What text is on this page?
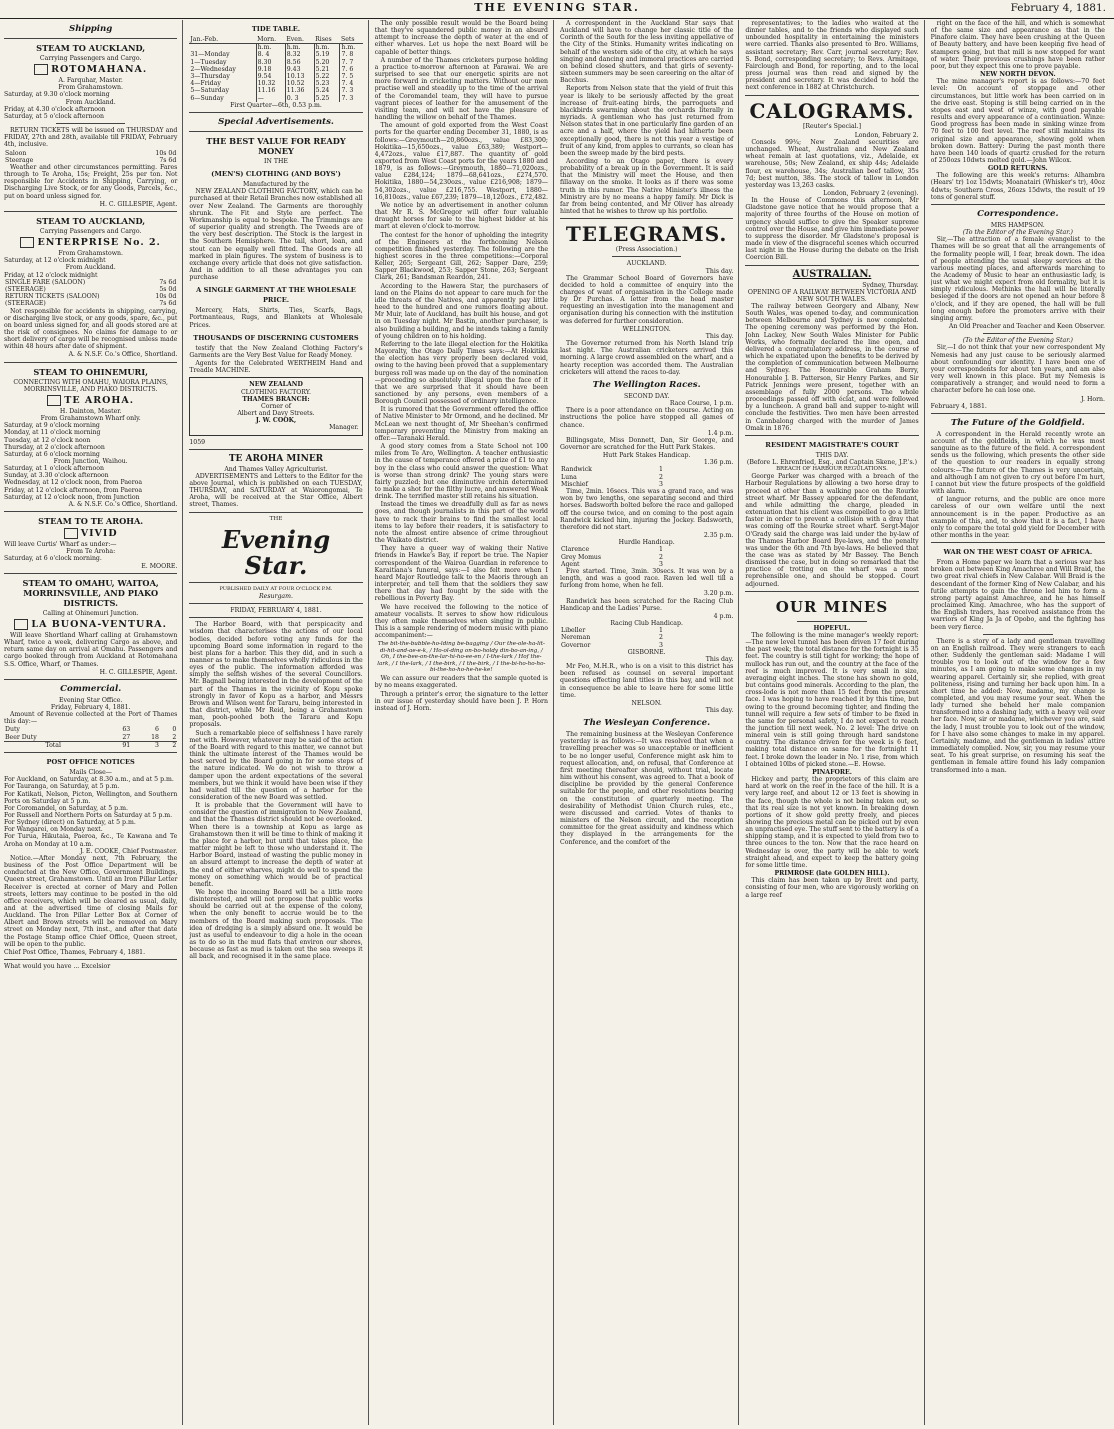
THE EVENING STAR.	February 4, 1881.
Shipping
STEAM TO AUCKLAND,
Carrying Passengers and Cargo.
ROTOMAHANA.
A. Farquhar, Master.
From Grahamstown.
Saturday, at 9.30 o'clock morning
From Auckland.
Friday, at 4.30 o'clock afternoon
Saturday, at 5 o'clock afternoon

RETURN TICKETS will be issued on THURSDAY and FRIDAY, 27th and 28th, available till FRIDAY, February 4th, inclusive.

Saloon	10s 0d
Steerage	7s 6d

Weather and other circumstances permitting. Fares through to Te Aroha, 15s; Freight, 25s per ton. Not responsible for Accidents in Shipping, Carrying, or Discharging Live Stock, or for any Goods, Parcels, &c., put on board unless signed for.

H. C. GILLESPIE, Agent.
STEAM TO AUCKLAND,
Carrying Passengers and Cargo.
ENTERPRISE No. 2.
From Grahamstown.
Saturday, at 12 o'clock midnight
From Auckland.
Friday, at 12 o'clock midnight
SINGLE FARE (SALOON)	7s 6d
(STEERAGE)	5s 0d
RETURN TICKETS (SALOON)	10s 0d
(STEERAGE)	7s 6d

Not responsible for accidents in shipping, carrying, or discharging live stock, or any goods, spare, &c., put on board unless signed for, and all goods stored are at the risk of consignees. No claims for damage to or short delivery of cargo will be recognised unless made within 48 hours after date of shipment.

A. & N.S.F. Co.'s Office, Shortland.
STEAM TO OHINEMURI,
CONNECTING WITH OMAHU, WAIORA PLAINS, MORRINSVILLE, AND PIAKO DISTRICTS.
TE AROHA.
H. Dainton, Master.
From Grahamstown Wharf only.
Saturday, at 9 o'clock morning
Monday, at 11 o'clock morning
Tuesday, at 12 o'clock noon
Thursday, at 2 o'clock afternoon
Saturday, at 6 o'clock morning
From Junction, Waihou.
Saturday, at 1 o'clock afternoon
Sunday, at 3.30 o'clock afternoon
Wednesday, at 12 o'clock noon, from Paeroa
Friday, at 12 o'clock afternoon, from Paeroa
Saturday, at 12 o'clock noon, from Junction
A. & N.S.F. Co.'s Office, Shortland.
STEAM TO TE AROHA.
VIVID
Will leave Curtis' Wharf as under:—
From Te Aroha:
Saturday, at 6 o'clock morning.
E. MOORE.
STEAM TO OMAHU, WAITOA, MORRINSVILLE, AND PIAKO DISTRICTS.
Calling at Ohinemuri Junction.
LA BUONA-VENTURA.

Will leave Shortland Wharf calling at Grahamstown Wharf, twice a week, delivering Cargo as above, and return same day on arrival at Omahu. Passengers and cargo booked through from Auckland at Rotomahana S.S. Office, Wharf, or Thames.

H. C. GILLESPIE, Agent.
Commercial.
Evening Star Office.
Friday, February 4, 1881.

Amount of Revenue collected at the Port of Thames this day:—

Duty	63	6	0
Beer Duty	27	18	2
Total	91	3	2
POST OFFICE NOTICES
Mails Close—
For Auckland, on Saturday, at 8.30 a.m., and at 5 p.m.
For Tauranga, on Saturday, at 5 p.m.
For Katikati, Nelson, Picton, Wellington, and Southern Ports on Saturday at 5 p.m.
For Coromandel, on Saturday, at 5 p.m.
For Russell and Northern Ports on Saturday at 5 p.m.
For Sydney (direct) on Saturday, at 5 p.m.
For Wangarei, on Monday next.
For Turua, Hikutaia, Paeroa, &c., Te Kawana and Te Aroha on Monday at 10 a.m.
J. E. COOKE, Chief Postmaster.

Notice.—After Monday next, 7th February, the business of the Post Office Department will be conducted at the New Office, Government Buildings, Queen street, Grahamstown. Until an Iron Pillar Letter Receiver is erected at corner of Mary and Pollen streets, letters may continue to be posted in the old office receivers, which will be cleared as usual, daily, and at the advertised time of closing Mails for Auckland. The Iron Pillar Letter Box at Corner of Albert and Brown streets will be removed on Mary street on Monday next, 7th inst., and after that date the Postage Stamp office Chief Office, Queen street, will be open to the public.

Chief Post Office, Thames, February 4, 1881.
What would you have ... Excelsior
TIDE TABLE.
Jan.-Feb.	Morn.	Even.	Rises	Sets
	h.m.	h.m.	h.m.	h.m.
31—Monday	8. 4	8.32	5.19	7. 8
1—Tuesday	8.30	8.56	5.20	7. 7
2—Wednesday	9.18	9.43	5.21	7. 6
3—Thursday	9.54	10.13	5.22	7. 5
4—Friday	10.32	10.52	5.23	7. 4
5—Saturday	11.16	11.36	5.24	7. 3
6—Sunday	—	0. 3	5.25	7. 3
First Quarter—6th, 0.53 p.m.
Special Advertisements.
THE BEST VALUE FOR READY MONEY
IN THE
(MEN'S) CLOTHING (AND BOYS')
Manufactured by the

NEW ZEALAND CLOTHING FACTORY, which can be purchased at their Retail Branches now established all over New Zealand. The Garments are thoroughly shrunk. The Fit and Style are perfect. The Workmanship is equal to bespoke. The Trimmings are of superior quality and strength. The Tweeds are of the very best description. The Stock is the largest in the Southern Hemisphere. The tail, short, loan, and stout can be equally well fitted. The Goods are all marked in plain figures. The system of business is to exchange every article that does not give satisfaction. And in addition to all these advantages you can purchase

A SINGLE GARMENT AT THE WHOLESALE PRICE.

Mercery, Hats, Shirts, Ties, Scarfs, Bags, Portmanteaus, Rugs, and Blankets at Wholesale Prices.

THOUSANDS OF DISCERNING CUSTOMERS

testify that the New Zealand Clothing Factory's Garments are the Very Best Value for Ready Money.

Agents for the Celebrated WERTHEIM Hand and Treadle MACHINE.

NEW ZEALAND
CLOTHING FACTORY.
THAMES BRANCH:
Corner of
Albert and Davy Streets.
J. W. COOK,
Manager.
1059
TE AROHA MINER
And Thames Valley Agriculturist.

ADVERTISEMENTS and Letters to the Editor for the above Journal, which is published on each TUESDAY, THURSDAY, and SATURDAY at Waiorongomai, Te Aroha, will be received at the Star Office, Albert street, Thames.

THE
Evening Star.
PUBLISHED DAILY AT FOUR O'CLOCK P.M.
Resurgam.
FRIDAY, FEBRUARY 4, 1881.

The Harbor Board, with that perspicacity and wisdom that characterises the actions of our local bodies, decided before voting any funds for the upcoming Board some information in regard to the best plans for a harbor. This they did, and in such a manner as to make themselves wholly ridiculous in the eyes of the public. The information afforded was simply the selfish wishes of the several Councillors. Mr. Bagnall being interested in the development of the part of the Thames in the vicinity of Kopu spoke strongly in favor of Kopu as a harbor, and Messrs Brown and Wilson went for Tararu, being interested in that district, while Mr Reid, being a Grahamstown man, pooh-poohed both the Tararu and Kopu proposals.

Such a remarkable piece of selfishness I have rarely met with. However, whatever may be said of the action of the Board with regard to this matter, we cannot but think the ultimate interest of the Thames would be best served by the Board going in for some steps of the nature indicated. We do not wish to throw a damper upon the ardent expectations of the several members, but we think it would have been wise if they had waited till the question of a harbor for the consideration of the new Board was settled.

It is probable that the Government will have to consider the question of immigration to New Zealand, and that the Thames district should not be overlooked. When there is a township at Kopu as large as Grahamstown then it will be time to think of making it the place for a harbor, but until that takes place, the matter might be left to those who understand it. The Harbor Board, instead of wasting the public money in an absurd attempt to increase the depth of water at the end of either wharves, might do well to spend the money on something which would be of practical benefit.

We hope the incoming Board will be a little more disinterested, and will not propose that public works should be carried out at the expense of the colony, when the only benefit to accrue would be to the members of the Board making such proposals. The idea of dredging is a simply absurd one. It would be just as useful to endeavour to dig a hole in the ocean as to do so in the mud flats that environ our shores, because as fast as mud is taken out the sea sweeps it all back, and recognised it in the same place.

The only possible result would be the Board being that they've squandered public money in an absurd attempt to increase the depth of water at the end of either wharves. Let us hope the next Board will be capable of better things.

A number of the Thames cricketers purpose holding a practice to-morrow afternoon at Parawai. We are surprised to see that our energetic spirits are not more forward in cricketing matters. Without our men practise well and steadily up to the time of the arrival of the Coromandel team, they will have to pursue vagrant pieces of leather for the amusement of the visiting team, and will not have the pleasure of handling the willow on behalf of the Thames.

The amount of gold exported from the West Coast ports for the quarter ending December 31, 1880, is as follows:—Greymouth—20,860ozs., value £83,300; Hokitika—15,650ozs., value £63,389; Westport—4,472ozs., value £17,887. The quantity of gold exported from West Coast ports for the years 1880 and 1879, is as follows:—Greymouth, 1880—71,020ozs., value £284,124; 1879—68,641ozs., £274,570. Hokitika, 1880—54,230ozs., value £216,908; 1879—54,302ozs., value £216,755. Westport, 1880—16,810ozs., value £67,239; 1879—18,120ozs., £72,482.

We notice by an advertisement in another column that Mr R. S. McGregor will offer four valuable draught horses for sale to the highest bidder at his mart at eleven o'clock to-morrow.

The contest for the honor of upholding the integrity of the Engineers at the forthcoming Nelson competition finished yesterday. The following are the highest scores in the three competitions:—Corporal Keller, 265; Sergeant Gill, 262; Sapper Dare, 259; Sapper Blackwood, 253; Sapper Stone, 263; Sergeant Clark, 261; Bandsman Reardon, 241.

According to the Hawera Star, the purchasers of land on the Plains do not appear to care much for the idle threats of the Natives, and apparently pay little heed to the hundred and one rumors floating about. Mr Muir, late of Auckland, has built his house, and got in on Tuesday night. Mr Bastin, another purchaser, is also building a building, and he intends taking a family of young children on to his holding.

Referring to the late illegal election for the Hokitika Mayoralty, the Otago Daily Times says:—At Hokitika the election has very properly been declared void, owing to the having been proved that a supplementary burgess roll was made up on the day of the nomination—proceeding so absolutely illegal upon the face of it that we are surprised that it should have been sanctioned by any persons, even members of a Borough Council possessed of ordinary intelligence.

It is rumored that the Government offered the office of Native Minister to Mr Ormond, and he declined. Mr McLean we next thought of, Mr Sheehan's confirmed temporary preventing the Ministry from making an offer.—Taranaki Herald.

A good story comes from a State School not 100 miles from Te Aro, Wellington. A teacher enthusiastic in the cause of temperance offered a prize of £1 to any boy in the class who could answer the question: What is worse than strong drink? The young stars were fairly puzzled; but one diminutive urchin determined to make a shot for the filthy lucre, and answered Weak drink. The terrified master still retains his situation.

Instead the times we dreadfully dull as far as news goes, and though journalists in this part of the world have to rack their brains to find the smallest local items to lay before their readers, it is satisfactory to note the almost entire absence of crime throughout the Waikato district.

They have a queer way of waking their Native friends in Hawke's Bay, if report be true. The Napier correspondent of the Wairoa Guardian in reference to Karaitiana's funeral, says:—I also felt more when I heard Major Routledge talk to the Maoris through an interpreter, and tell them that the soldiers they saw there that day had fought by the side with the rebellious in Poverty Bay.

We have received the following to the notice of amateur vocalists. It serves to show how ridiculous they often make themselves when singing in public. This is a sample rendering of modern music with piano accompaniment:—

The bit-the-bubble-ho-lding be-bagging / Our the-ole-ha-lit-di-hit-and-ae-e-k, / Ho-ol-ding on-bo-holdy din-bo-an-ing, / Oh, I the-bee-on-the-lar-hi-ho-ee-en / I-the-lark / Hof the-lark, / I the-lark, / I the-birk, / I the-birk, / I the-bi-ho-ho-ho-bi-the-ho-ho-he-he-ke!

We can assure our readers that the sample quoted is by no means exaggerated.

Through a printer's error, the signature to the letter in our issue of yesterday should have been J. P. Horn instead of J. Horn.

A correspondent in the Auckland Star says that Auckland will have to change her classic title of the Corinth of the South for the less inviting appellative of the City of the Stinks. Humanity writes indicating on behalf of the western side of the city, at which he says singing and dancing and immoral practices are carried on behind closed shutters, and that girls of seventy-sixteen summers may be seen careering on the altar of Bacchus.

Reports from Nelson state that the yield of fruit this year is likely to be seriously affected by the great increase of fruit-eating birds, the parroquets and blackbirds swarming about the orchards literally in myriads. A gentleman who has just returned from Nelson states that in one particularly fine garden of an acre and a half, where the yield had hitherto been exceptionally good, there is not this year a vestige of fruit of any kind, from apples to currants, so clean has been the sweep made by the bird pests.

According to an Otago paper, there is every probability of a break up in the Government. It is said that the Ministry will meet the House, and then fillaway on the smoke. It looks as if there was some truth in this rumor. The Native Minister's illness the Ministry are by no means a happy family. Mr Dick is far from being contented, and Mr Oliver has already hinted that he wishes to throw up his portfolio.

TELEGRAMS.
(Press Association.)
AUCKLAND.
This day.

The Grammar School Board of Governors have decided to hold a committee of enquiry into the charges of want of organisation in the College made by Dr Purchas. A letter from the head master requesting an investigation into the management and organisation during his connection with the institution was deferred for further consideration.

WELLINGTON.
This day.

The Governor returned from his North Island trip last night. The Australian cricketers arrived this morning. A large crowd assembled on the wharf, and a hearty reception was accorded them. The Australian cricketers will attend the races to-day.

The Wellington Races.
SECOND DAY.
Race Course, 1 p.m.

There is a poor attendance on the course. Acting on instructions the police have stopped all games of chance.

1.4 p.m.

Billingsgate, Miss Donnett, Dan, Sir George, and Governor are scratched for the Hutt Park Stakes.

Hutt Park Stakes Handicap.
1.36 p.m.
Randwick	1
Luna	2
Mischief	3

Time, 2min. 16secs. This was a grand race, and was won by two lengths, one separating second and third horses. Badsworth bolted before the race and galloped off the course twice, and on coming to the post again Randwick kicked him, injuring the Jockey. Badsworth, therefore did not start.

2.35 p.m.
Hurdle Handicap.
Clarence	1
Grey Momus	2
Agent	3

Five started. Time, 3min. 30secs. It was won by a length, and was a good race. Raven led well till a furlong from home, when he fell.

3.20 p.m.

Randwick has been scratched for the Racing Club Handicap and the Ladies' Purse.

4 p.m.
Racing Club Handicap.
Libeller	1
Nereman	2
Governor	3
GISBORNE.
This day.

Mr Feo, M.H.R., who is on a visit to this district has been refused as counsel on several important questions effecting land titles in this bay, and will not in consequence be able to leave here for some little time.

NELSON.
This day.
The Wesleyan Conference.

The remaining business at the Wesleyan Conference yesterday is as follows:—It was resolved that when a travelling preacher was so unacceptable or inefficient to be no longer useful, Conference might ask him to request allocation, and, on refusal, that Conference at first meeting thereafter should, without trial, locate him without his consent, was agreed to. That a book of discipline be provided by the general Conference suitable for the people, and other resolutions bearing on the constitution of quarterly meeting. The desirability of Methodist Union Church rules, etc., were discussed and carried. Votes of thanks to ministers of the Nelson circuit, and the reception committee for the great assiduity and kindness which they displayed in the arrangements for the Conference, and the comfort of the

representatives; to the ladies who waited at the dinner tables, and to the friends who displayed such unbounded hospitality in entertaining the ministers were carried. Thanks also presented to Bro. Williams, assistant secretary; Rev. Carr, journal secretary; Rev. S. Bond, corresponding secretary; to Revs. Armitage, Fairclough and Bond, for reporting, and to the local press journal was then read and signed by the president and secretary. It was decided to hold the next conference in 1882 at Christchurch.

CALOGRAMS.
[Reuter's Special.]
London, February 2.

Consols 99¾; New Zealand securities are unchanged. Wheat, Australian and New Zealand wheat remain at last quotations, viz., Adelaide, ex warehouse, 50s; New Zealand, ex ship 44s; Adelaide flour, ex warehouse, 34s; Australian beef tallow, 35s 7d; best mutton, 38s. The stock of tallow in London yesterday was 13,263 casks.

London, February 2 (evening).

In the House of Commons this afternoon, Mr Gladstone gave notice that he would propose that a majority of three fourths of the House on motion of urgency should suffice to give the Speaker supreme control over the House, and give him immediate power to suppress the disorder. Mr Gladstone's proposal is made in view of the disgraceful scenes which occurred last night in the House during the debate on the Irish Coercion Bill.

AUSTRALIAN.
Sydney, Thursday.
OPENING OF A RAILWAY BETWEEN VICTORIA AND NEW SOUTH WALES.

The railway between Georgery and Albany, New South Wales, was opened to-day, and communication between Melbourne and Sydney is now completed. The opening ceremony was performed by the Hon. John Lackey, New South Wales Minister for Public Works, who formally declared the line open, and delivered a congratulatory address, in the course of which he expatiated upon the benefits to be derived by the completion of communication between Melbourne and Sydney. The Honourable Graham Berry, Honourable J. B. Patterson, Sir Henry Parkes, and Sir Patrick Jennings were present, together with an assemblage of fully 2000 persons. The whole proceedings passed off with éclat, and were followed by a luncheon. A grand ball and supper to-night will conclude the festivities. Two men have been arrested in Cannbalong charged with the murder of James Omak in 1876.

RESIDENT MAGISTRATE'S COURT
THIS DAY.
(Before L. Ehrenfried, Esq., and Captain Skene, J.P.'s.)
BREACH OF HARBOUR REGULATIONS.

George Parker was charged with a breach of the Harbour Regulations by allowing a two horse dray to proceed at other than a walking pace on the Rourke street wharf. Mr Bassey appeared for the defendant, and while admitting the charge, pleaded in extenuation that his client was compelled to go a little faster in order to prevent a collision with a dray that was coming off the Rourke street wharf. Sergt-Major O'Grady said the charge was laid under the by-law of the Thames Harbor Board Bye-laws, and the penalty was under the 6th and 7th bye-laws. He believed that the case was as stated by Mr Bassey. The Bench dismissed the case, but in doing so remarked that the practice of trotting on the wharf was a most reprehensible one, and should be stopped. Court adjourned.

OUR MINES
HOPEFUL.

The following is the mine manager's weekly report:—The new level tunnel has been driven 17 feet during the past week; the total distance for the fortnight is 35 feet. The country is still tight for working; the hope of mullock has run out, and the country at the face of the reef is much improved. It is very small in size, averaging eight inches. The stone has shown no gold, but contains good minerals. According to the plan, the cross-lode is not more than 15 feet from the present face. I was hoping to have reached it by this time, but owing to the ground becoming tighter, and finding the tunnel will require a few sets of timber to be fixed in the same for personal safety, I do not expect to reach the junction till next week. No. 2 level: The drive on mineral vein is still going through hard sandstone country. The distance driven for the week is 6 feet, making total distance on same for the fortnight 11 feet. I broke down the leader in No. 1 rise, from which I obtained 10lbs of picked stone.—E. Howse.

PINAFORE.

Hickey and party, the proprietors of this claim are hard at work on the reef in the face of the hill. It is a very large reef, and about 12 or 13 feet is showing in the face, though the whole is not being taken out, so that its real size is not yet known. In breaking down portions of it show gold pretty freely, and pieces showing the precious metal can be picked out by even an unpractised eye. The stuff sent to the battery is of a shipping stamp, and it is expected to yield from two to three ounces to the ton. Now that the race heard on Wednesday is over, the party will be able to work straight ahead, and expect to keep the battery going for some little time.

PRIMROSE (late GOLDEN HILL).

This claim has been taken up by Brett and party, consisting of four men, who are vigorously working on a large reef

right on the face of the hill, and which is somewhat of the same size and appearance as that in the Pinafore claim. They have been crushing at the Queen of Beauty battery, and have been keeping five head of stampers going, but that mill is now stopped for want of water. Their previous crushings have been rather poor, but they expect this one to prove payable.

NEW NORTH DEVON.

The mine manager's report is as follows:—70 feet level: On account of stoppage and other circumstances, but little work has been carried on in the drive east. Stoping is still being carried on in the stopes east and west of winze, with good payable results and every appearance of a continuation. Winze: Good progress has been made in sinking winze from 70 feet to 100 feet level. The reef still maintains its original size and appearance, showing gold when broken down. Battery: During the past month there have been 140 loads of quartz crushed for the return of 250ozs 10dwts melted gold.—John Wilcox.

GOLD RETURNS.

The following are this week's returns: Alhambra (Hears' tr) 1oz 15dwts; Moanatairi (Whisker's tr), 40oz 4dwts; Southern Cross, 26ozs 15dwts, the result of 19 tons of general stuff.

Correspondence.
MRS HAMPSON.
(To the Editor of the Evening Star.)

Sir,—The attraction of a female evangelist to the Thames will be so great that all the arrangements of the formality people will, I fear, break down. The idea of people attending the usual sleepy services at the various meeting places, and afterwards marching to the Academy of Music to hear an enthusiastic lady, is just what we might expect from old formality, but it is simply ridiculous. Methinks the hall will be literally besieged if the doors are not opened an hour before 8 o'clock, and if they are opened, the hall will be full long enough before the promoters arrive with their singing army.

An Old Preacher and Teacher and Keen Observer.
(To the Editor of the Evening Star.)

Sir,—I do not think that your new correspondent My Nemesis had any just cause to be seriously alarmed about confounding our identity. I have been one of your correspondents for about ten years, and am also very well known in this place. But my Nemesis is comparatively a stranger, and would need to form a character before he can lose one.

J. Horn.
February 4, 1881.
The Future of the Goldfield.

A correspondent in the Herald recently wrote an account of the goldfields, in which he was most sanguine as to the future of the field. A correspondent sends us the following, which presents the other side of the question to our readers in equally strong colours:—The future of the Thames is very uncertain, and although I am not given to cry out before I'm hurt, I cannot but view the future prospects of the goldfield with alarm.

of languor returns, and the public are once more careless of our own welfare until the next announcement is in the paper. Productive as an example of this, and, to show that it is a fact, I have only to compare the total gold yield for December with other months in the year.

WAR ON THE WEST COAST OF AFRICA.

From a Home paper we learn that a serious war has broken out between King Amachree and Will Braid, the two great rival chiefs in New Calabar. Will Braid is the descendant of the former King of New Calabar, and his futile attempts to gain the throne led him to form a strong party against Amachree, and he has himself proclaimed King. Amachree, who has the support of the English traders, has received assistance from the warriors of King Ja Ja of Opobo, and the fighting has been very fierce.

There is a story of a lady and gentleman travelling on an English railroad. They were strangers to each other. Suddenly the gentleman said: Madame I will trouble you to look out of the window for a few minutes, as I am going to make some changes in my wearing apparel. Certainly sir, she replied, with great politeness, rising and turning her back upon him. In a short time he added: Now, madame, my change is completed, and you may resume your seat. When the lady turned she beheld her male companion transformed into a dashing lady, with a heavy veil over her face. Now, sir or madame, whichever you are, said the lady, I must trouble you to look out of the window, for I have also some changes to make in my apparel. Certainly, madame, and the gentleman in ladies' attire immediately complied. Now, sir, you may resume your seat. To his great surprise, on resuming his seat the gentleman in female attire found his lady companion transformed into a man.
